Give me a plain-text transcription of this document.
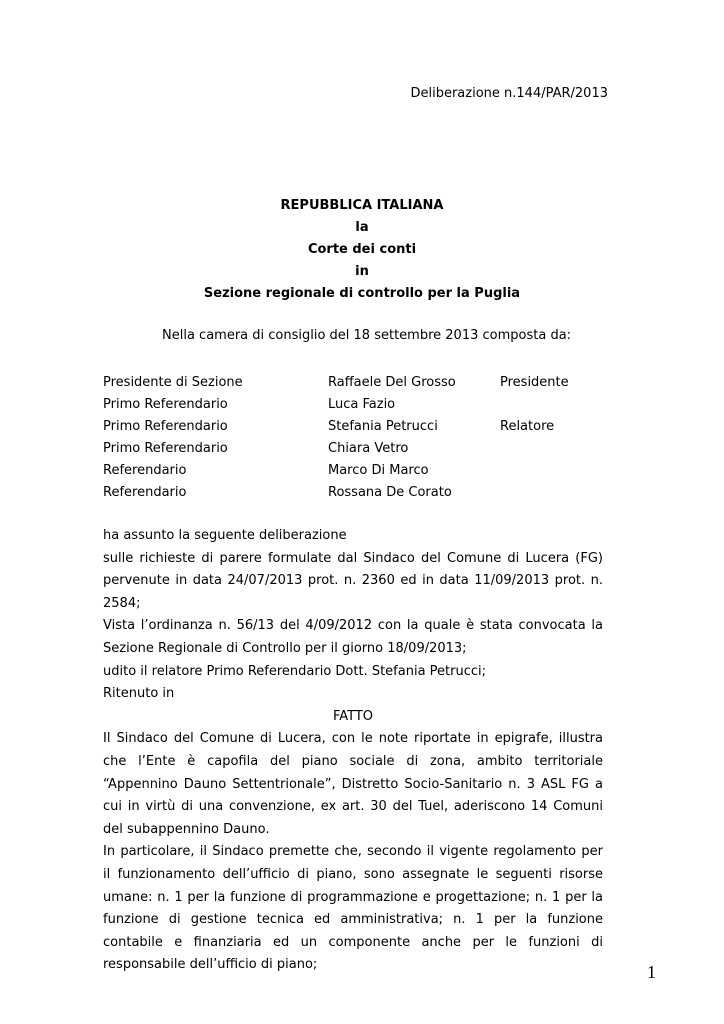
Deliberazione n.144/PAR/2013
REPUBBLICA ITALIANA
la
Corte dei conti
in
Sezione regionale di controllo per la Puglia
Nella camera di consiglio del 18 settembre 2013 composta da:
Presidente di Sezione	Raffaele Del Grosso	Presidente
Primo Referendario	Luca Fazio
Primo Referendario	Stefania Petrucci	Relatore
Primo Referendario	Chiara Vetro
Referendario	Marco Di Marco
Referendario	Rossana De Corato

ha assunto la seguente deliberazione

sulle richieste di parere formulate dal Sindaco del Comune di Lucera (FG) pervenute in data 24/07/2013 prot. n. 2360 ed in data 11/09/2013 prot. n. 2584;

Vista l’ordinanza n. 56/13 del 4/09/2012 con la quale è stata convocata la Sezione Regionale di Controllo per il giorno 18/09/2013;

udito il relatore Primo Referendario Dott. Stefania Petrucci;

Ritenuto in

FATTO

Il Sindaco del Comune di Lucera, con le note riportate in epigrafe, illustra che l’Ente è capofila del piano sociale di zona, ambito territoriale “Appennino Dauno Settentrionale”, Distretto Socio-Sanitario n. 3 ASL FG a cui in virtù di una convenzione, ex art. 30 del Tuel, aderiscono 14 Comuni del subappennino Dauno.

In particolare, il Sindaco premette che, secondo il vigente regolamento per il funzionamento dell’ufficio di piano, sono assegnate le seguenti risorse umane: n. 1 per la funzione di programmazione e progettazione; n. 1 per la funzione di gestione tecnica ed amministrativa; n. 1 per la funzione contabile e finanziaria ed un componente anche per le funzioni di responsabile dell’ufficio di piano;	1
